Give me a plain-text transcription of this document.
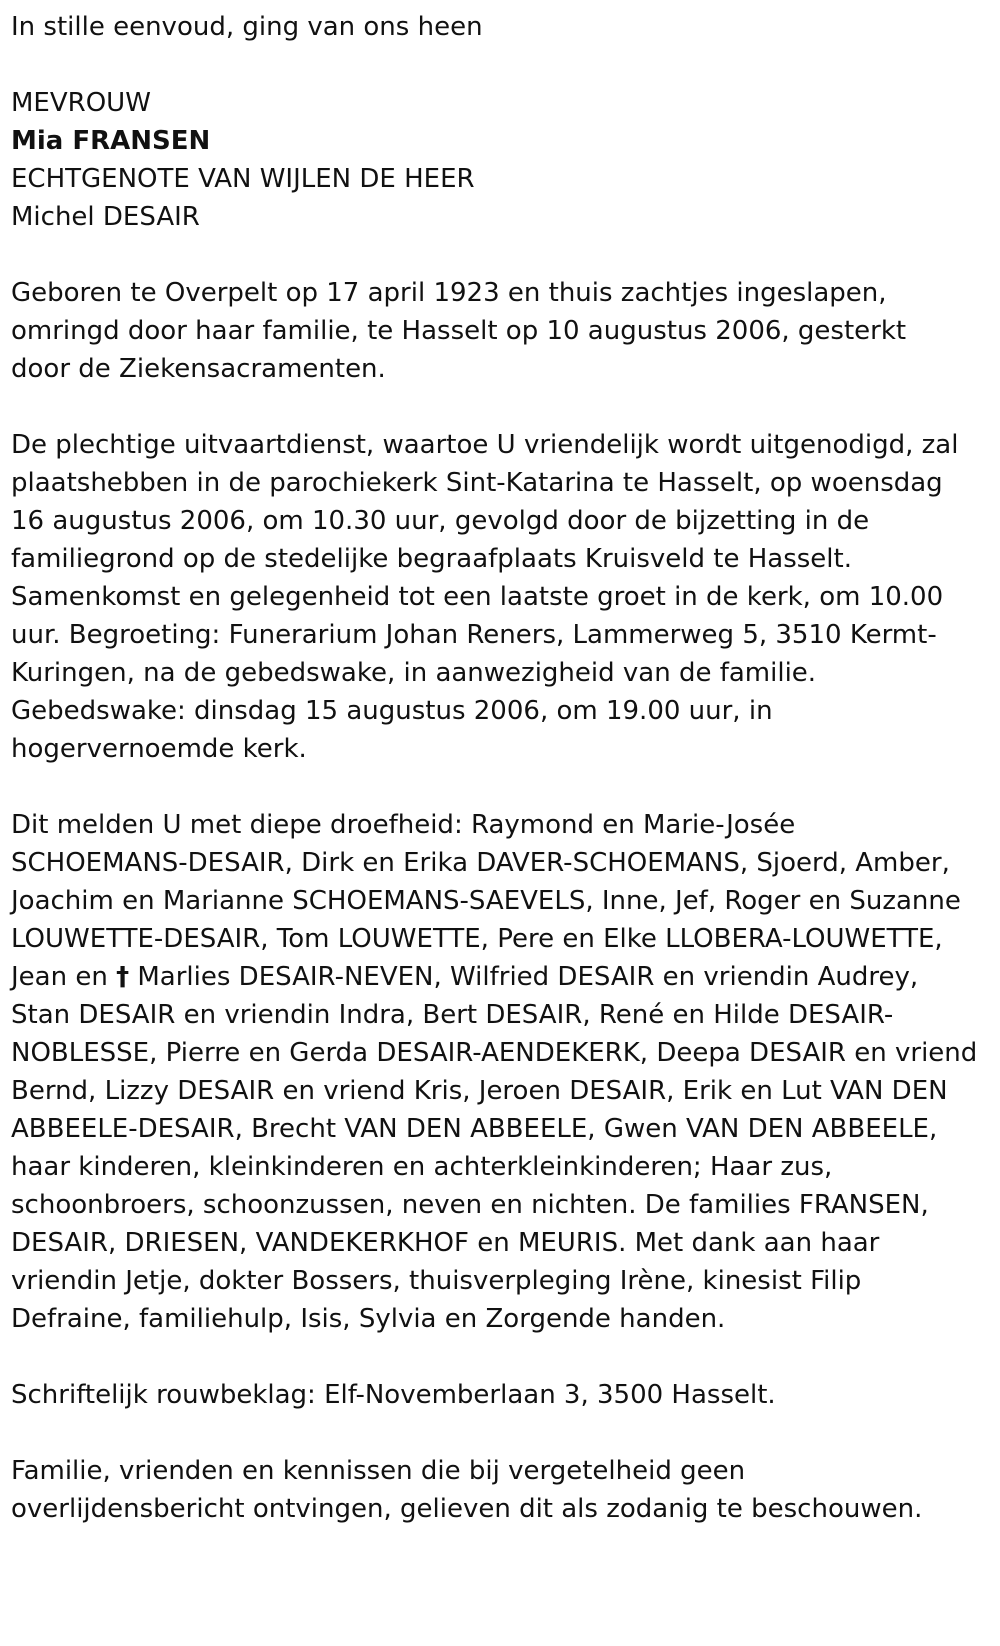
In stille eenvoud, ging van ons heen

MEVROUW

Mia FRANSEN

ECHTGENOTE VAN WIJLEN DE HEER

Michel DESAIR

Geboren te Overpelt op 17 april 1923 en thuis zachtjes ingeslapen,

omringd door haar familie, te Hasselt op 10 augustus 2006, gesterkt

door de Ziekensacramenten.

De plechtige uitvaartdienst, waartoe U vriendelijk wordt uitgenodigd, zal

plaatshebben in de parochiekerk Sint-Katarina te Hasselt, op woensdag

16 augustus 2006, om 10.30 uur, gevolgd door de bijzetting in de

familiegrond op de stedelijke begraafplaats Kruisveld te Hasselt.

Samenkomst en gelegenheid tot een laatste groet in de kerk, om 10.00

uur. Begroeting: Funerarium Johan Reners, Lammerweg 5, 3510 Kermt-

Kuringen, na de gebedswake, in aanwezigheid van de familie.

Gebedswake: dinsdag 15 augustus 2006, om 19.00 uur, in

hogervernoemde kerk.

Dit melden U met diepe droefheid: Raymond en Marie-Josée

SCHOEMANS-DESAIR, Dirk en Erika DAVER-SCHOEMANS, Sjoerd, Amber,

Joachim en Marianne SCHOEMANS-SAEVELS, Inne, Jef, Roger en Suzanne

LOUWETTE-DESAIR, Tom LOUWETTE, Pere en Elke LLOBERA-LOUWETTE,

Jean en † Marlies DESAIR-NEVEN, Wilfried DESAIR en vriendin Audrey,

Stan DESAIR en vriendin Indra, Bert DESAIR, René en Hilde DESAIR-

NOBLESSE, Pierre en Gerda DESAIR-AENDEKERK, Deepa DESAIR en vriend

Bernd, Lizzy DESAIR en vriend Kris, Jeroen DESAIR, Erik en Lut VAN DEN

ABBEELE-DESAIR, Brecht VAN DEN ABBEELE, Gwen VAN DEN ABBEELE,

haar kinderen, kleinkinderen en achterkleinkinderen; Haar zus,

schoonbroers, schoonzussen, neven en nichten. De families FRANSEN,

DESAIR, DRIESEN, VANDEKERKHOF en MEURIS. Met dank aan haar

vriendin Jetje, dokter Bossers, thuisverpleging Irène, kinesist Filip

Defraine, familiehulp, Isis, Sylvia en Zorgende handen.

Schriftelijk rouwbeklag: Elf-Novemberlaan 3, 3500 Hasselt.

Familie, vrienden en kennissen die bij vergetelheid geen

overlijdensbericht ontvingen, gelieven dit als zodanig te beschouwen.
